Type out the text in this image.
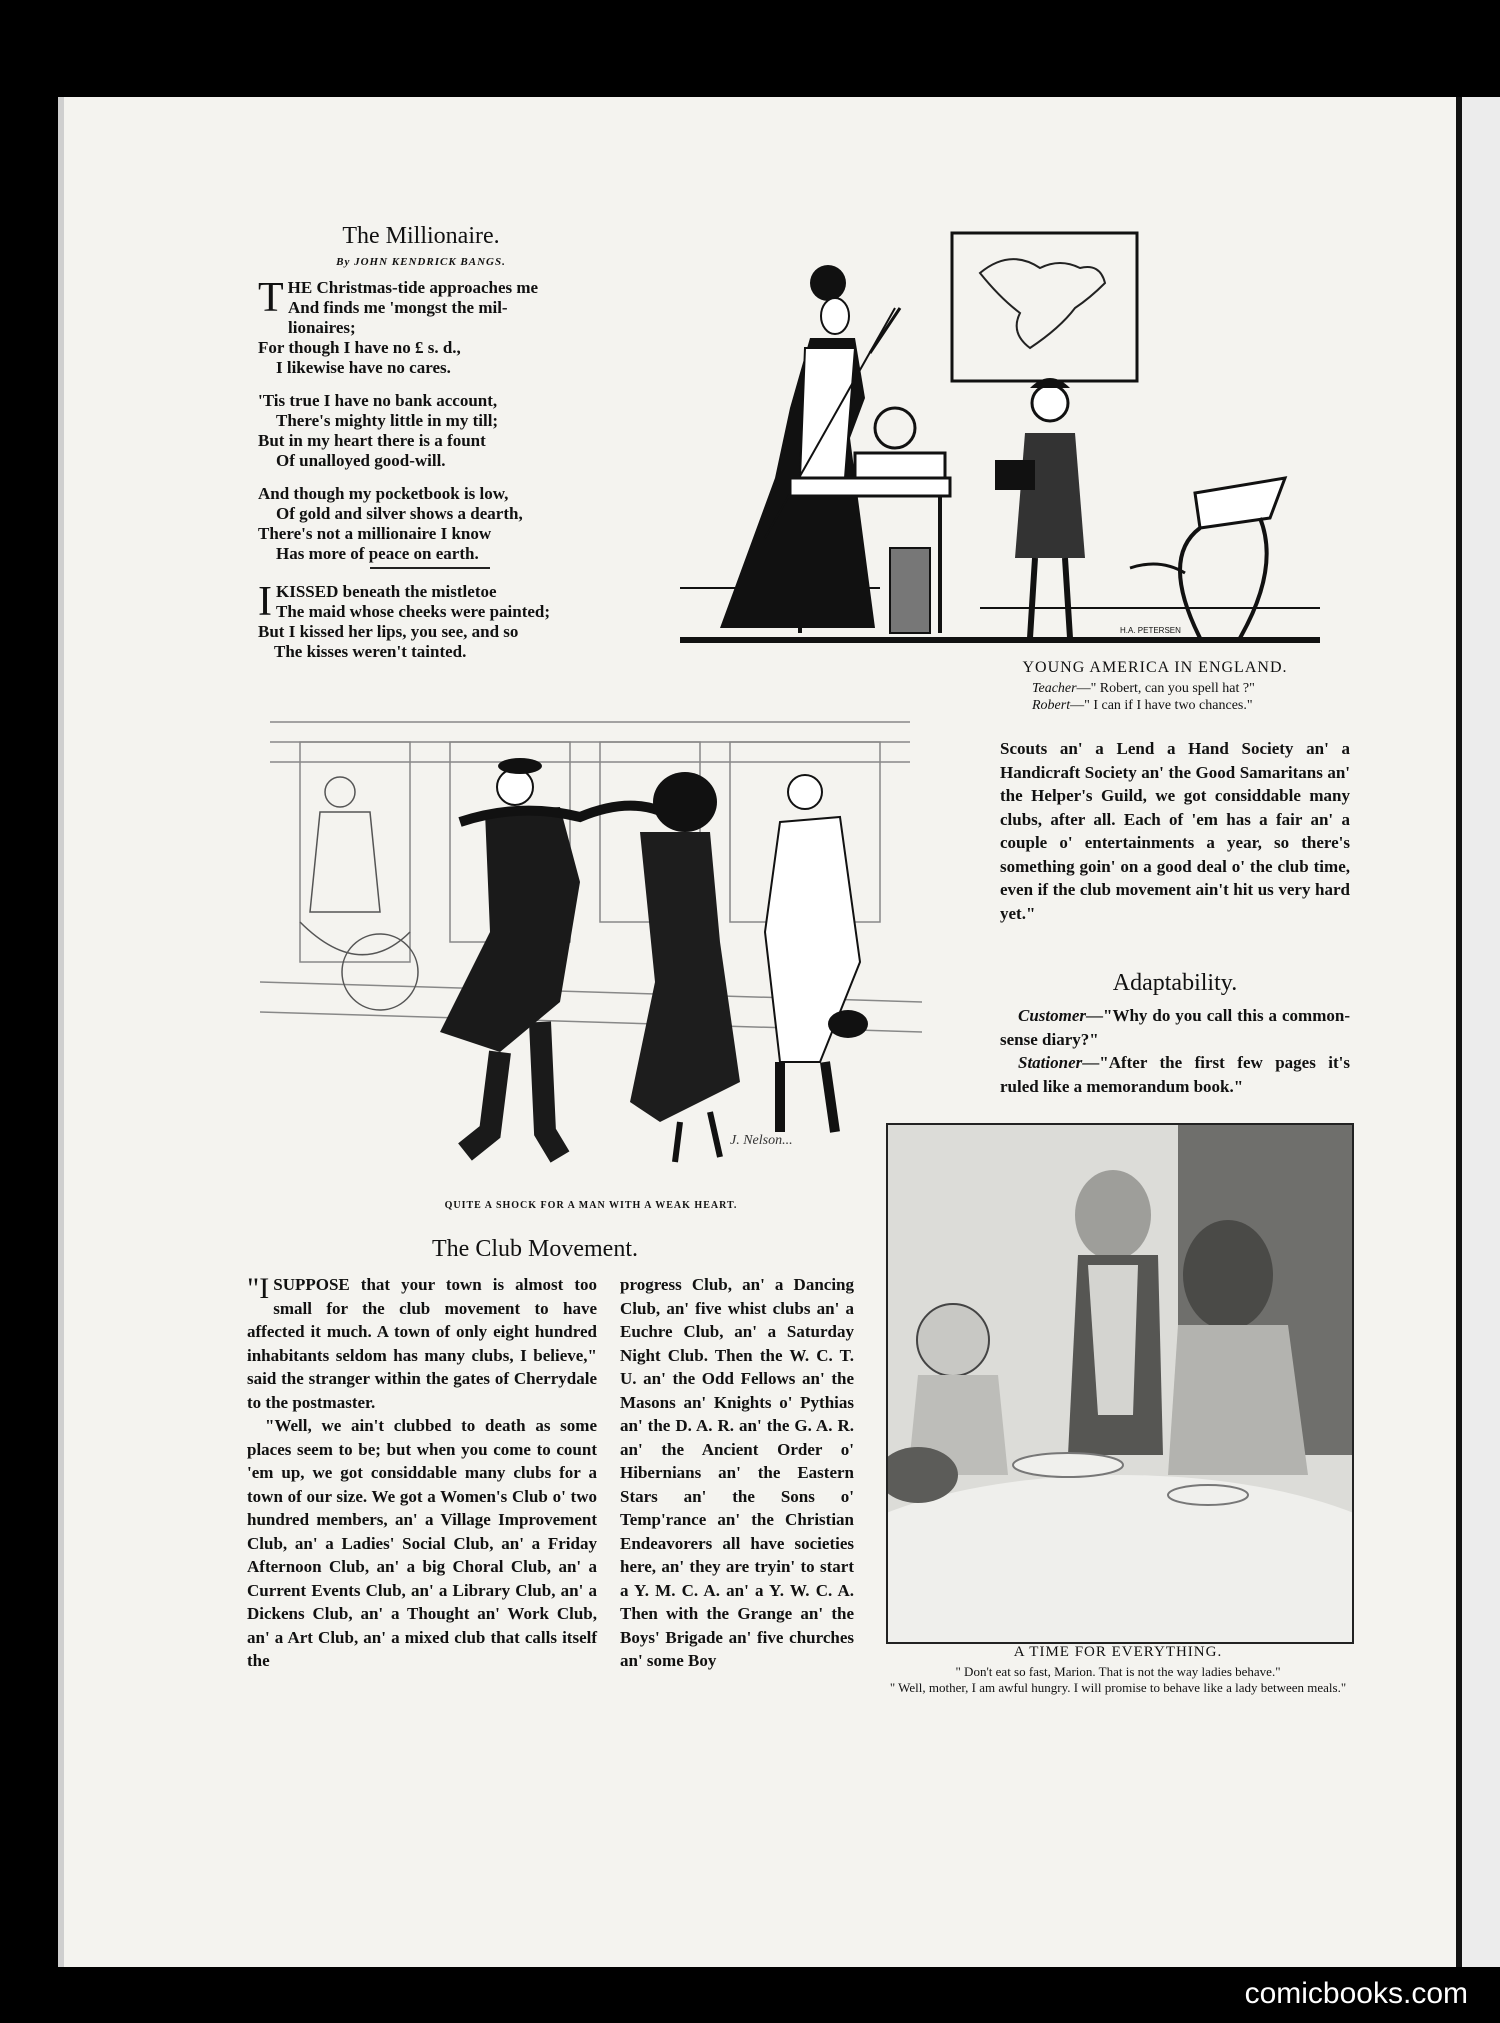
The Millionaire.
By JOHN KENDRICK BANGS.

T HE Christmas-tide approaches me
And finds me 'mongst the mil-
lionaires;
For though I have no £ s. d.,
I likewise have no cares.

'Tis true I have no bank account,
There's mighty little in my till;
But in my heart there is a fount
Of unalloyed good-will.

And though my pocketbook is low,
Of gold and silver shows a dearth,
There's not a millionaire I know
Has more of peace on earth.

I KISSED beneath the mistletoe
The maid whose cheeks were painted;
But I kissed her lips, you see, and so
The kisses weren't tainted.
H.A. PETERSEN
YOUNG AMERICA IN ENGLAND.
Teacher—" Robert, can you spell hat ?"
Robert—" I can if I have two chances."
J. Nelson...
QUITE A SHOCK FOR A MAN WITH A WEAK HEART.
The Club Movement.

"ISUPPOSE that your town is almost too small for the club movement to have affected it much. A town of only eight hundred inhabitants seldom has many clubs, I believe," said the stranger within the gates of Cherrydale to the postmaster.

"Well, we ain't clubbed to death as some places seem to be; but when you come to count 'em up, we got considdable many clubs for a town of our size. We got a Women's Club o' two hundred members, an' a Village Improvement Club, an' a Ladies' Social Club, an' a Friday Afternoon Club, an' a big Choral Club, an' a Current Events Club, an' a Library Club, an' a Dickens Club, an' a Thought an' Work Club, an' a Art Club, an' a mixed club that calls itself the

progress Club, an' a Dancing Club, an' five whist clubs an' a Euchre Club, an' a Saturday Night Club. Then the W. C. T. U. an' the Odd Fellows an' the Masons an' Knights o' Pythias an' the D. A. R. an' the G. A. R. an' the Ancient Order o' Hibernians an' the Eastern Stars an' the Sons o' Temp'rance an' the Christian Endeavorers all have societies here, an' they are tryin' to start a Y. M. C. A. an' a Y. W. C. A. Then with the Grange an' the Boys' Brigade an' five churches an' some Boy

Scouts an' a Lend a Hand Society an' a Handicraft Society an' the Good Samaritans an' the Helper's Guild, we got considdable many clubs, after all. Each of 'em has a fair an' a couple o' entertainments a year, so there's something goin' on a good deal o' the club time, even if the club movement ain't hit us very hard yet."

Adaptability.

Customer—"Why do you call this a common-sense diary?"

Stationer—"After the first few pages it's ruled like a memorandum book."

A TIME FOR EVERYTHING.
" Don't eat so fast, Marion. That is not the way ladies behave."
" Well, mother, I am awful hungry. I will promise to behave like a lady between meals."
comicbooks.com
